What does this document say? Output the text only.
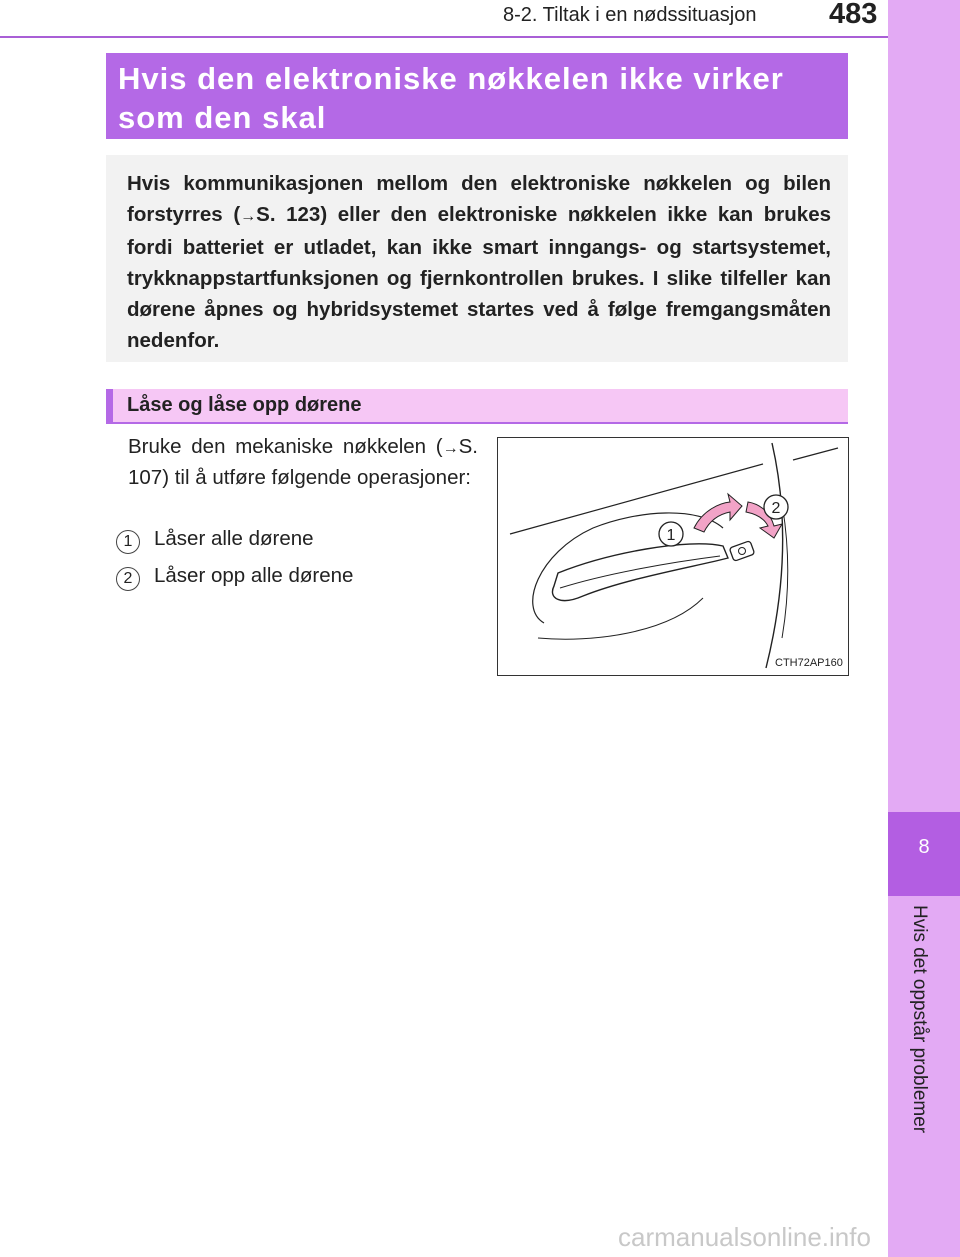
8-2. Tiltak i en nødssituasjon	483
8
Hvis det oppstår problemer
Hvis den elektroniske nøkkelen ikke virker som den skal
Hvis kommunikasjonen mellom den elektroniske nøkkelen og bilen forstyrres (→S. 123) eller den elektroniske nøkkelen ikke kan brukes fordi batteriet er utladet, kan ikke smart inngangs- og startsystemet, trykknappstartfunksjonen og fjernkontrollen brukes. I slike tilfeller kan dørene åpnes og hybridsystemet startes ved å følge fremgangsmåten nedenfor.
Låse og låse opp dørene
Bruke den mekaniske nøkkelen (→S. 107) til å utføre følgende operasjoner:
1	Låser alle dørene
2	Låser opp alle dørene
1
2
CTH72AP160
carmanualsonline.info
